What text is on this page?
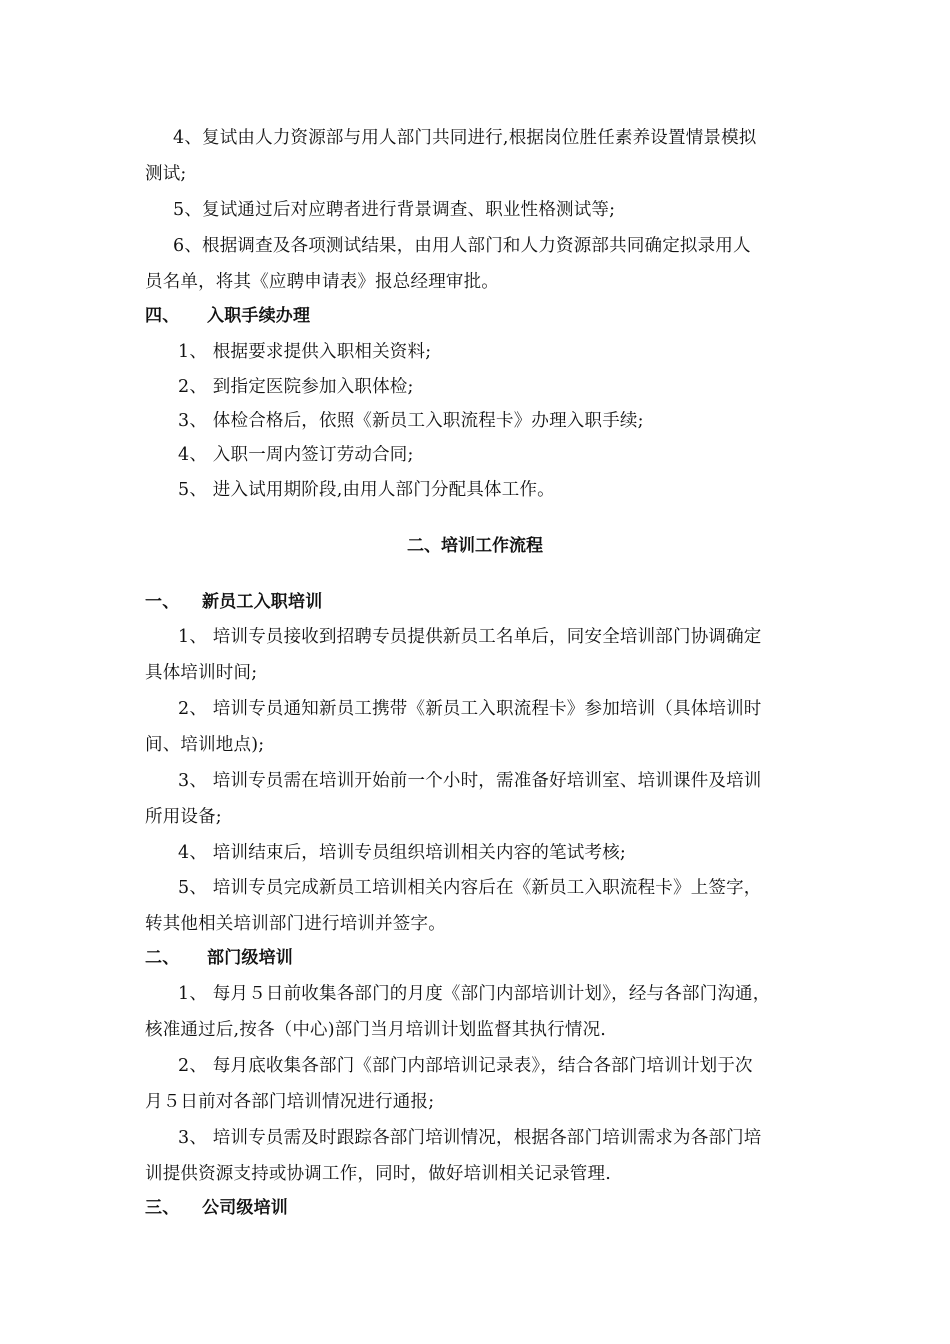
4、复试由人力资源部与用人部门共同进行,根据岗位胜任素养设置情景模拟
测试;
5、复试通过后对应聘者进行背景调查、职业性格测试等;
6、根据调查及各项测试结果，由用人部门和人力资源部共同确定拟录用人
员名单，将其《应聘申请表》报总经理审批。
四、 入职手续办理
1、 根据要求提供入职相关资料;
2、 到指定医院参加入职体检;
3、 体检合格后，依照《新员工入职流程卡》办理入职手续;
4、 入职一周内签订劳动合同;
5、 进入试用期阶段,由用人部门分配具体工作。
二、培训工作流程
一、 新员工入职培训
1、 培训专员接收到招聘专员提供新员工名单后，同安全培训部门协调确定
具体培训时间;
2、 培训专员通知新员工携带《新员工入职流程卡》参加培训（具体培训时
间、培训地点);
3、 培训专员需在培训开始前一个小时，需准备好培训室、培训课件及培训
所用设备;
4、 培训结束后，培训专员组织培训相关内容的笔试考核;
5、 培训专员完成新员工培训相关内容后在《新员工入职流程卡》上签字，
转其他相关培训部门进行培训并签字。
二、 部门级培训
1、 每月５日前收集各部门的月度《部门内部培训计划》，经与各部门沟通，
核准通过后,按各（中心)部门当月培训计划监督其执行情况.
2、 每月底收集各部门《部门内部培训记录表》，结合各部门培训计划于次
月５日前对各部门培训情况进行通报;
3、 培训专员需及时跟踪各部门培训情况，根据各部门培训需求为各部门培
训提供资源支持或协调工作，同时，做好培训相关记录管理.
三、 公司级培训
